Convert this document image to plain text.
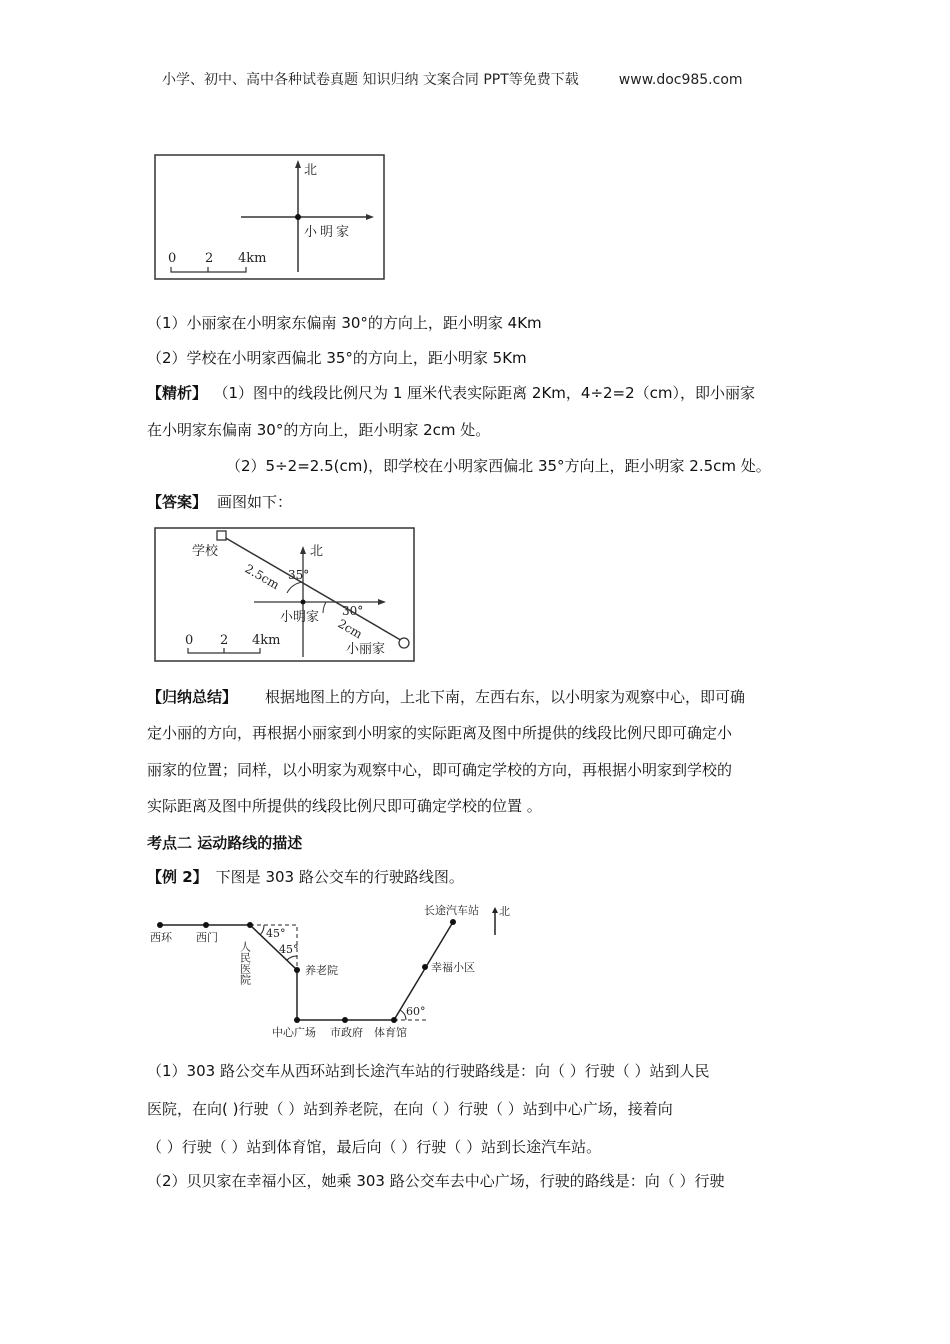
小学、初中、高中各种试卷真题 知识归纳 文案合同 PPT等免费下载	www.doc985.com
北
小明家
0 2 4km
（1）小丽家在小明家东偏南 30°的方向上，距小明家 4Km
（2）学校在小明家西偏北 35°的方向上，距小明家 5Km
【精析】 （1）图中的线段比例尺为 1 厘米代表实际距离 2Km，4÷2=2（cm），即小丽家
在小明家东偏南 30°的方向上，距小明家 2cm 处。
（2）5÷2=2.5(cm)，即学校在小明家西偏北 35°方向上，距小明家 2.5cm 处。
【答案】 画图如下：
学校	北
35°
30°
小明家
小丽家
2.5cm
2cm
0 2 4km
【归纳总结】 根据地图上的方向，上北下南，左西右东，以小明家为观察中心，即可确
定小丽的方向，再根据小丽家到小明家的实际距离及图中所提供的线段比例尺即可确定小
丽家的位置；同样，以小明家为观察中心，即可确定学校的方向，再根据小明家到学校的
实际距离及图中所提供的线段比例尺即可确定学校的位置 。
考点二 运动路线的描述
【例 2】 下图是 303 路公交车的行驶路线图。
西环 西门
人民医院	养老院
中心广场 市政府 体育馆
幸福小区
长途汽车站 北
45°
45°
60°
（1）303 路公交车从西环站到长途汽车站的行驶路线是：向（ ）行驶（ ）站到人民
医院，在向( )行驶（ ）站到养老院，在向（ ）行驶（ ）站到中心广场，接着向
（ ）行驶（ ）站到体育馆，最后向（ ）行驶（ ）站到长途汽车站。
（2）贝贝家在幸福小区，她乘 303 路公交车去中心广场，行驶的路线是：向（ ）行驶
